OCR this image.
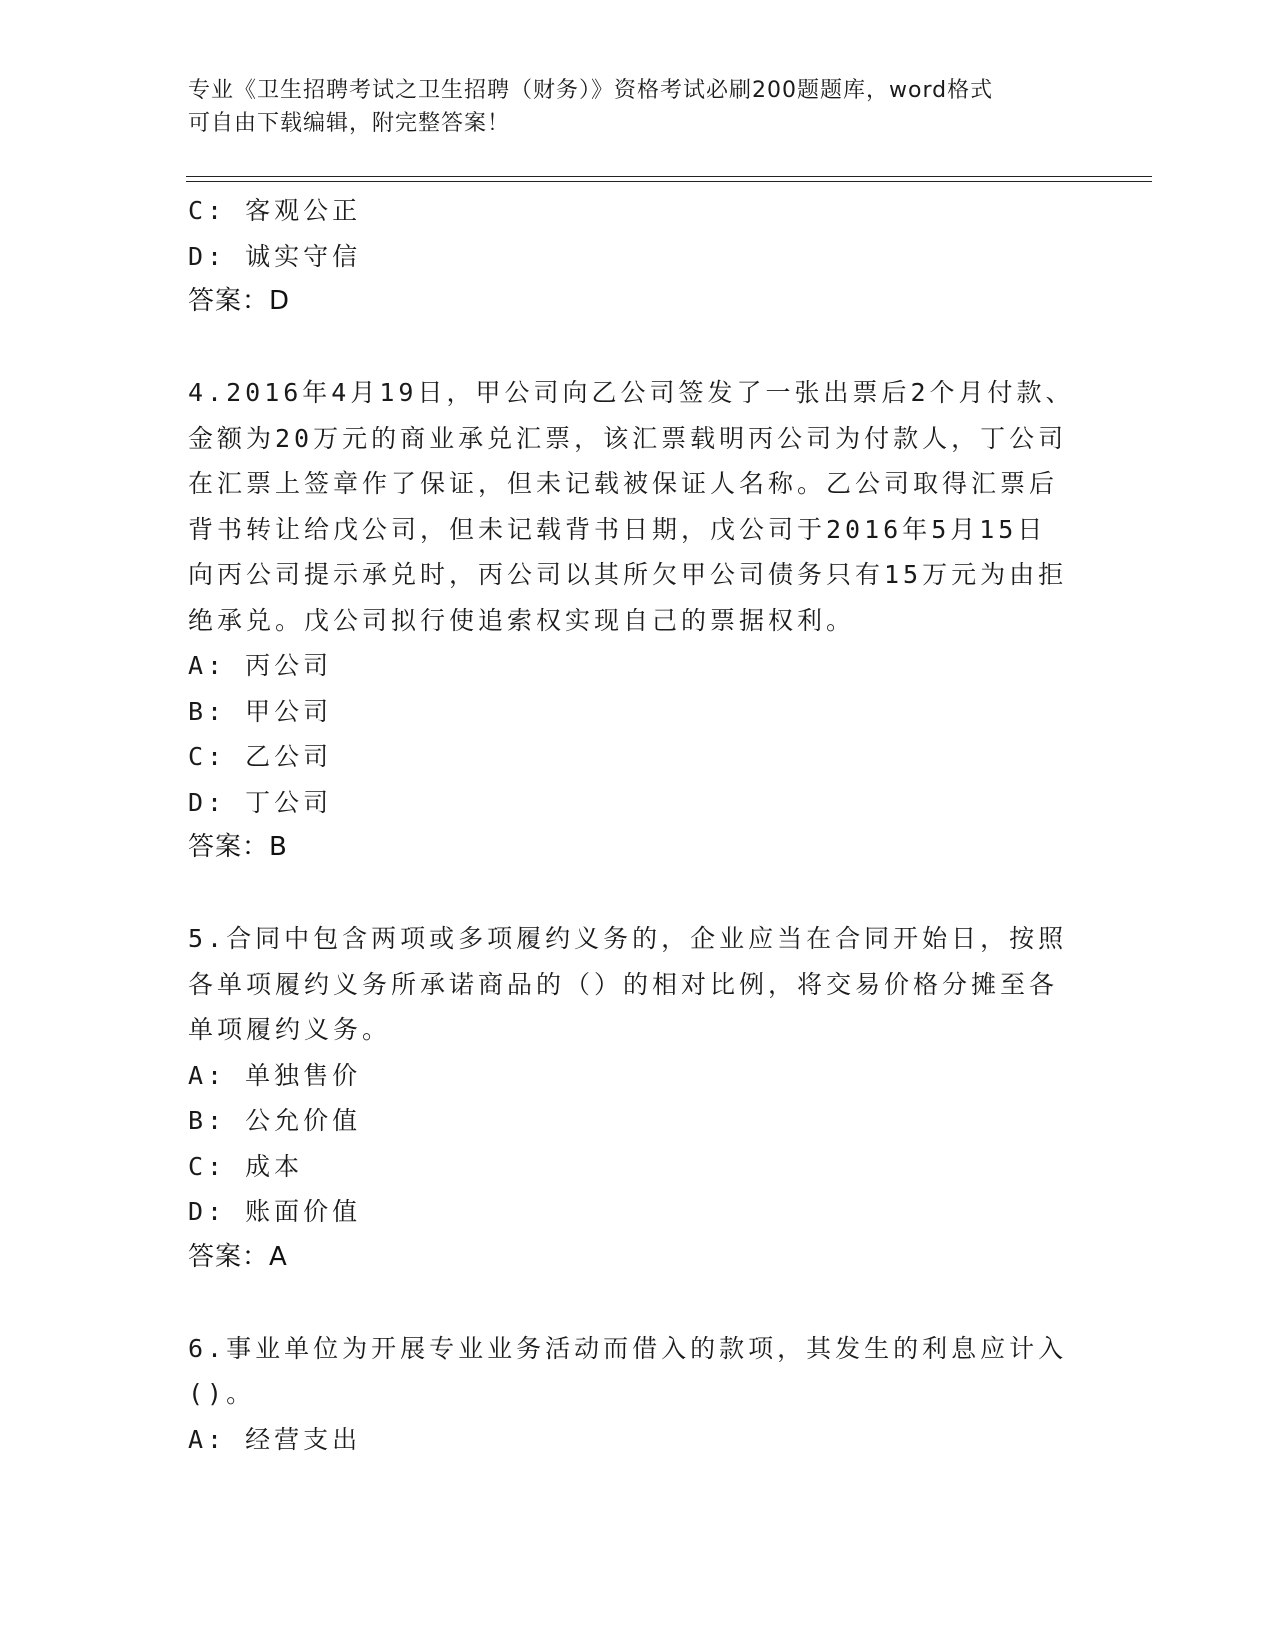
专业《卫生招聘考试之卫生招聘（财务）》资格考试必刷200题题库，word格式
可自由下载编辑，附完整答案！
C: 客观公正
D: 诚实守信
答案：D
4.2016年4月19日，甲公司向乙公司签发了一张出票后2个月付款、
金额为20万元的商业承兑汇票，该汇票载明丙公司为付款人，丁公司
在汇票上签章作了保证，但未记载被保证人名称。乙公司取得汇票后
背书转让给戊公司，但未记载背书日期，戊公司于2016年5月15日
向丙公司提示承兑时，丙公司以其所欠甲公司债务只有15万元为由拒
绝承兑。戊公司拟行使追索权实现自己的票据权利。
A: 丙公司
B: 甲公司
C: 乙公司
D: 丁公司
答案：B
5.合同中包含两项或多项履约义务的，企业应当在合同开始日，按照
各单项履约义务所承诺商品的（）的相对比例，将交易价格分摊至各
单项履约义务。
A: 单独售价
B: 公允价值
C: 成本
D: 账面价值
答案：A
6.事业单位为开展专业业务活动而借入的款项，其发生的利息应计入
()。
A: 经营支出
